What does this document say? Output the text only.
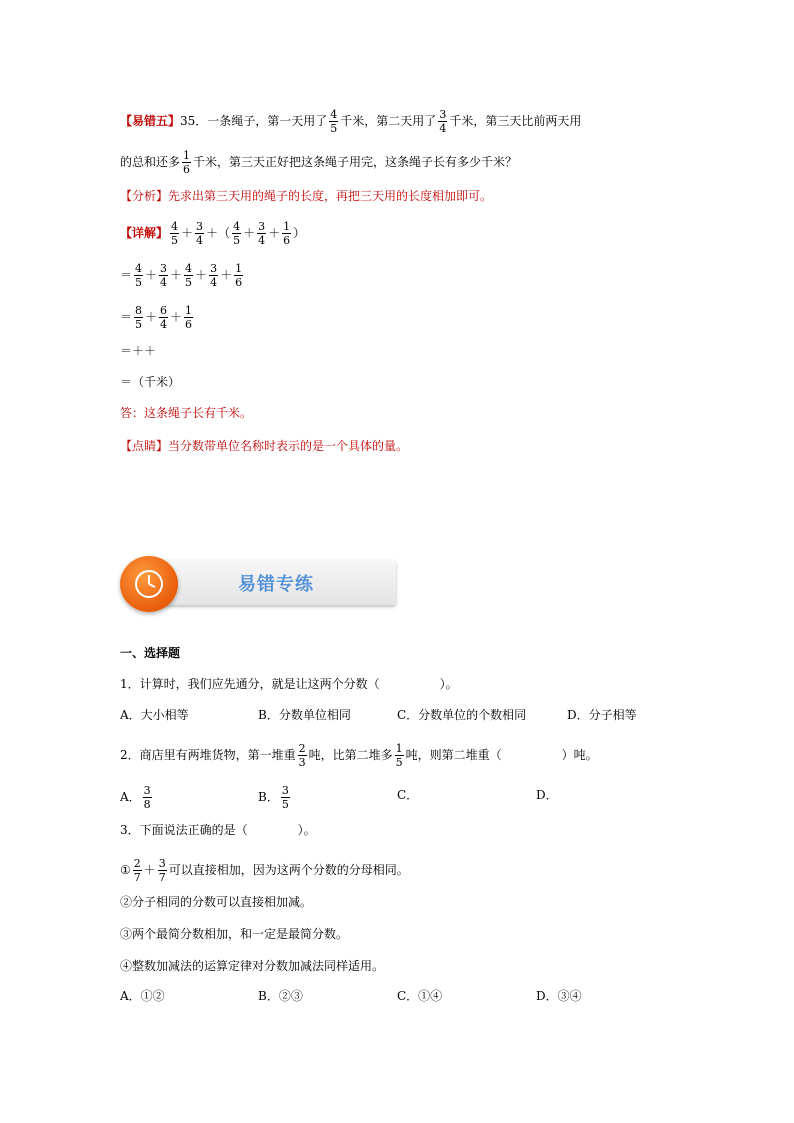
【易错五】35．一条绳子，第一天用了 $\frac{4}{5}$ 千米，第二天用了 $\frac{3}{4}$ 千米，第三天比前两天用
的总和还多 $\frac{1}{6}$ 千米，第三天正好把这条绳子用完，这条绳子长有多少千米？
【分析】先求出第三天用的绳子的长度，再把三天用的长度相加即可。
【详解】 $\frac{4}{5} + \frac{3}{4}$ ＋（ $\frac{4}{5} + \frac{3}{4} + \frac{1}{6}$ ）
＝ $\frac{4}{5} + \frac{3}{4} + \frac{4}{5} + \frac{3}{4} + \frac{1}{6}$
＝ $\frac{8}{5} + \frac{6}{4} + \frac{1}{6}$
＝＋＋
＝（千米）
答：这条绳子长有千米。
【点睛】当分数带单位名称时表示的是一个具体的量。
易错专练
一、选择题
1．计算时，我们应先通分，就是让这两个分数（	）。
A．大小相等	B．分数单位相同	C．分数单位的个数相同	D．分子相等
2．商店里有两堆货物，第一堆重 $\frac{2}{3}$ 吨，比第二堆多 $\frac{1}{5}$ 吨，则第二堆重（	）吨。
A． $\frac{3}{8}$	B． $\frac{3}{5}$	C．	D．
3．下面说法正确的是（	）。
① $\frac{2}{7} + \frac{3}{7}$ 可以直接相加，因为这两个分数的分母相同。
②分子相同的分数可以直接相加减。
③两个最简分数相加，和一定是最简分数。
④整数加减法的运算定律对分数加减法同样适用。
A．①②	B．②③	C．①④	D．③④
